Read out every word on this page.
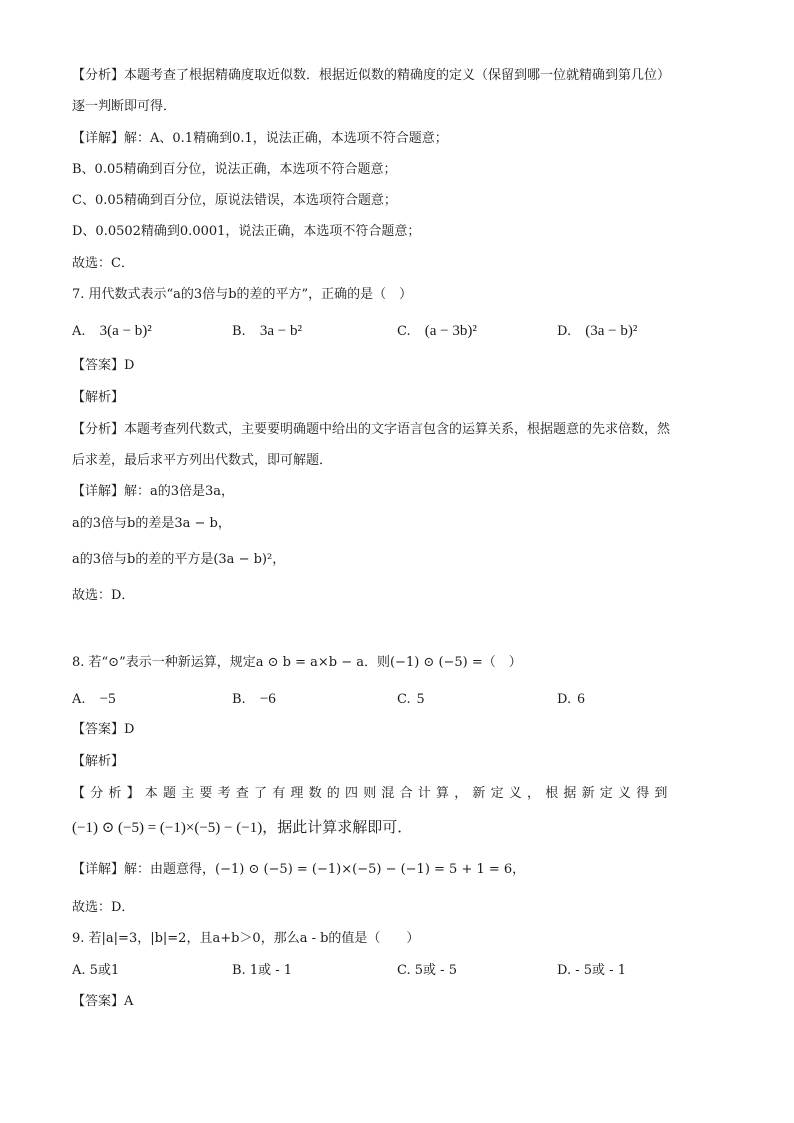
【分析】本题考查了根据精确度取近似数．根据近似数的精确度的定义（保留到哪一位就精确到第几位）
逐一判断即可得．
【详解】解：A、0.1精确到0.1，说法正确，本选项不符合题意；
B、0.05精确到百分位，说法正确，本选项不符合题意；
C、0.05精确到百分位，原说法错误，本选项符合题意；
D、0.0502精确到0.0001，说法正确，本选项不符合题意；
故选：C．
7. 用代数式表示“a的3倍与b的差的平方”，正确的是（　）
A. 3(a − b)²	B. 3a − b²	C. (a − 3b)²	D. (3a − b)²
【答案】D
【解析】
【分析】本题考查列代数式，主要要明确题中给出的文字语言包含的运算关系，根据题意的先求倍数，然
后求差，最后求平方列出代数式，即可解题．
【详解】解：a的3倍是3a，
a的3倍与b的差是3a − b，
a的3倍与b的差的平方是(3a − b)²，
故选：D．
8. 若“⊙”表示一种新运算，规定a ⊙ b = a×b − a．则(−1) ⊙ (−5) =（　）
A. −5	B. −6	C. 5	D. 6
【答案】D
【解析】
【分析】本题主要考查了有理数的四则混合计算，新定义，根据新定义得到
(−1) ⊙ (−5) = (−1)×(−5) − (−1)，据此计算求解即可．
【详解】解：由题意得，(−1) ⊙ (−5) = (−1)×(−5) − (−1) = 5 + 1 = 6，
故选：D．
9. 若|a|=3，|b|=2，且a+b＞0，那么a - b的值是（　　）
A. 5或1	B. 1或 - 1	C. 5或 - 5	D. - 5或 - 1
【答案】A
